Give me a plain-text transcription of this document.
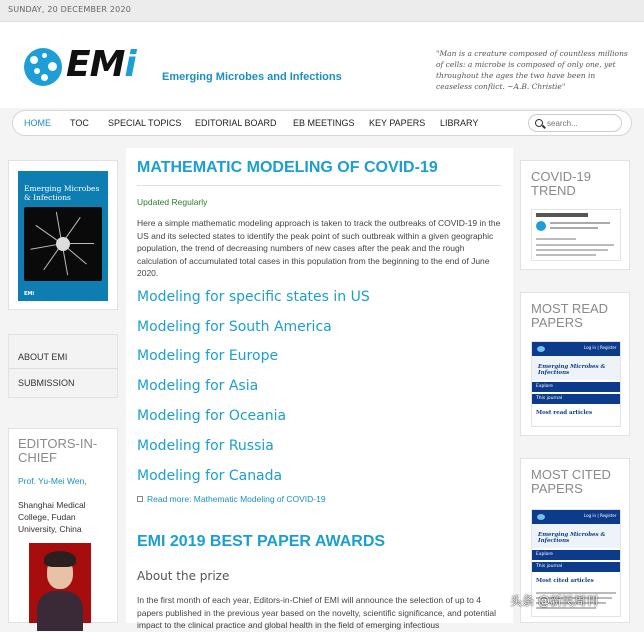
SUNDAY, 20 DECEMBER 2020
EMi Emerging Microbes and Infections
"Man is a creature composed of countless millions of cells: a microbe is composed of only one, yet throughout the ages the two have been in ceaseless conflict. ~A.B. Christie"
HOME TOC SPECIAL TOPICS EDITORIAL BOARD EB MEETINGS KEY PAPERS LIBRARY
search...
Emerging Microbes & Infections
EMi
ABOUT EMI
SUBMISSION
EDITORS-IN-CHIEF
Prof. Yu-Mei Wen,
Shanghai Medical College, Fudan University, China
MATHEMATIC MODELING OF COVID-19
Updated Regularly
Here a simple mathematic modeling approach is taken to track the outbreaks of COVID-19 in the US and its selected states to identify the peak point of such outbreak within a given geographic population, the trend of decreasing numbers of new cases after the peak and the rough calculation of accumulated total cases in this population from the beginning to the end of June 2020.
Modeling for specific states in US
Modeling for South America
Modeling for Europe
Modeling for Asia
Modeling for Oceania
Modeling for Russia
Modeling for Canada
Read more: Mathematic Modeling of COVID-19
EMI 2019 BEST PAPER AWARDS
About the prize
In the first month of each year, Editors-in-Chief of EMI will announce the selection of up to 4 papers published in the previous year based on the novelty, scientific significance, and potential impact to the clinical practice and global health in the field of emerging infectious
COVID-19 TREND
MOST READ PAPERS
Log in | Register
Emerging Microbes & Infections
Explore
This journal
Most read articles
MOST CITED PAPERS
Log in | Register
Emerging Microbes & Infections
Explore
This journal
Most cited articles
头条 @新民周刊
